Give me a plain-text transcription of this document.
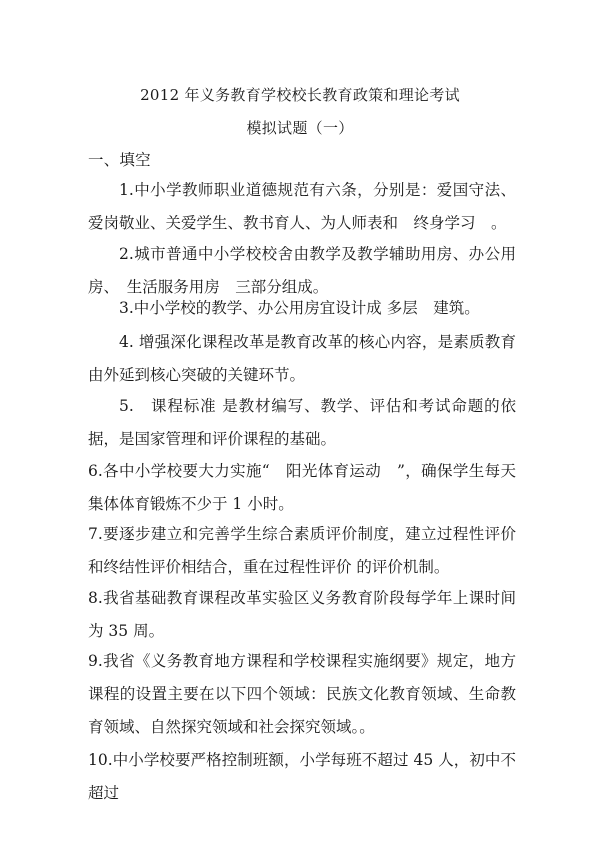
2012 年义务教育学校校长教育政策和理论考试
模拟试题（一）
一、填空
1.中小学教师职业道德规范有六条，分别是：爱国守法、爱岗敬业、关爱学生、教书育人、为人师表和　终身学习　。
2.城市普通中小学校校舍由教学及教学辅助用房、办公用房、　生活服务用房　三部分组成。
3.中小学校的教学、办公用房宜设计成 多层　建筑。
4. 增强深化课程改革是教育改革的核心内容，是素质教育由外延到核心突破的关键环节。
5.　课程标准 是教材编写、教学、评估和考试命题的依据，是国家管理和评价课程的基础。
6.各中小学校要大力实施“　阳光体育运动　”，确保学生每天集体体育锻炼不少于 1 小时。
7.要逐步建立和完善学生综合素质评价制度，建立过程性评价和终结性评价相结合，重在过程性评价 的评价机制。
8.我省基础教育课程改革实验区义务教育阶段每学年上课时间为 35 周。
9.我省《义务教育地方课程和学校课程实施纲要》规定，地方课程的设置主要在以下四个领域：民族文化教育领域、生命教育领域、自然探究领域和社会探究领域。。
10.中小学校要严格控制班额，小学每班不超过 45 人，初中不超过
